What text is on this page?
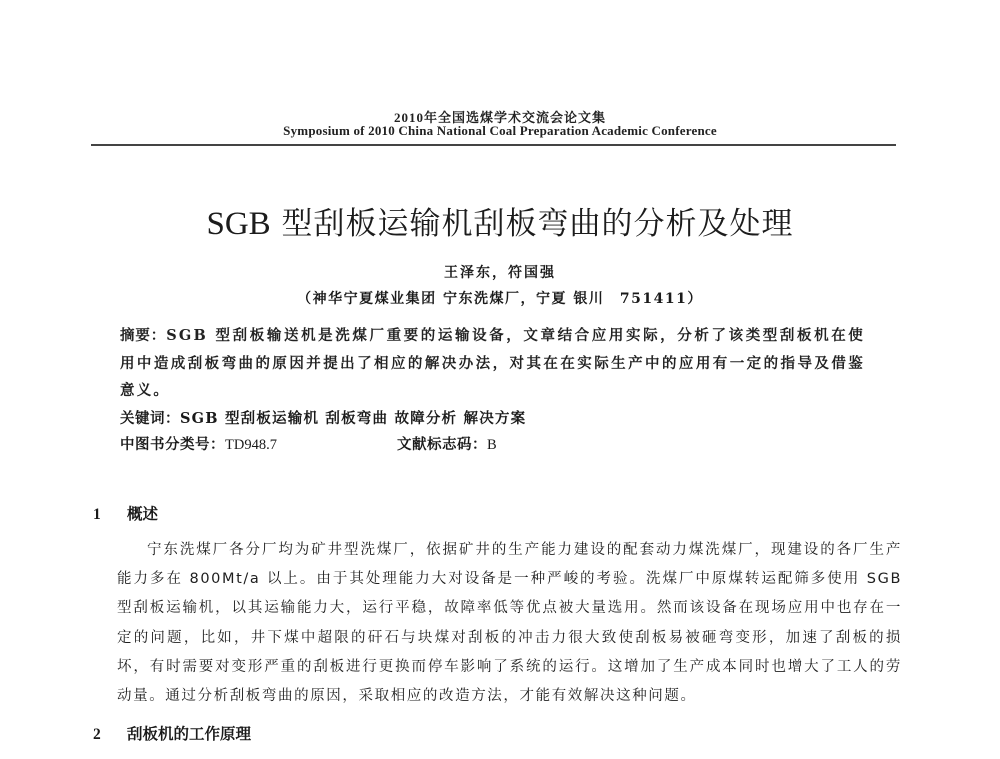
2010年全国选煤学术交流会论文集
Symposium of 2010 China National Coal Preparation Academic Conference
SGB 型刮板运输机刮板弯曲的分析及处理
王泽东，符国强
（神华宁夏煤业集团 宁东洗煤厂，宁夏 银川　751411）
摘要：SGB 型刮板输送机是洗煤厂重要的运输设备，文章结合应用实际，分析了该类型刮板机在使用中造成刮板弯曲的原因并提出了相应的解决办法，对其在在实际生产中的应用有一定的指导及借鉴意义。
关键词：SGB 型刮板运输机 刮板弯曲 故障分析 解决方案
中图书分类号：TD948.7	文献标志码：B
1 概述
宁东洗煤厂各分厂均为矿井型洗煤厂，依据矿井的生产能力建设的配套动力煤洗煤厂，现建设的各厂生产能力多在 800Mt/a 以上。由于其处理能力大对设备是一种严峻的考验。洗煤厂中原煤转运配筛多使用 SGB 型刮板运输机，以其运输能力大，运行平稳，故障率低等优点被大量选用。然而该设备在现场应用中也存在一定的问题，比如，井下煤中超限的矸石与块煤对刮板的冲击力很大致使刮板易被砸弯变形，加速了刮板的损坏，有时需要对变形严重的刮板进行更换而停车影响了系统的运行。这增加了生产成本同时也增大了工人的劳动量。通过分析刮板弯曲的原因，采取相应的改造方法，才能有效解决这种问题。
2 刮板机的工作原理
